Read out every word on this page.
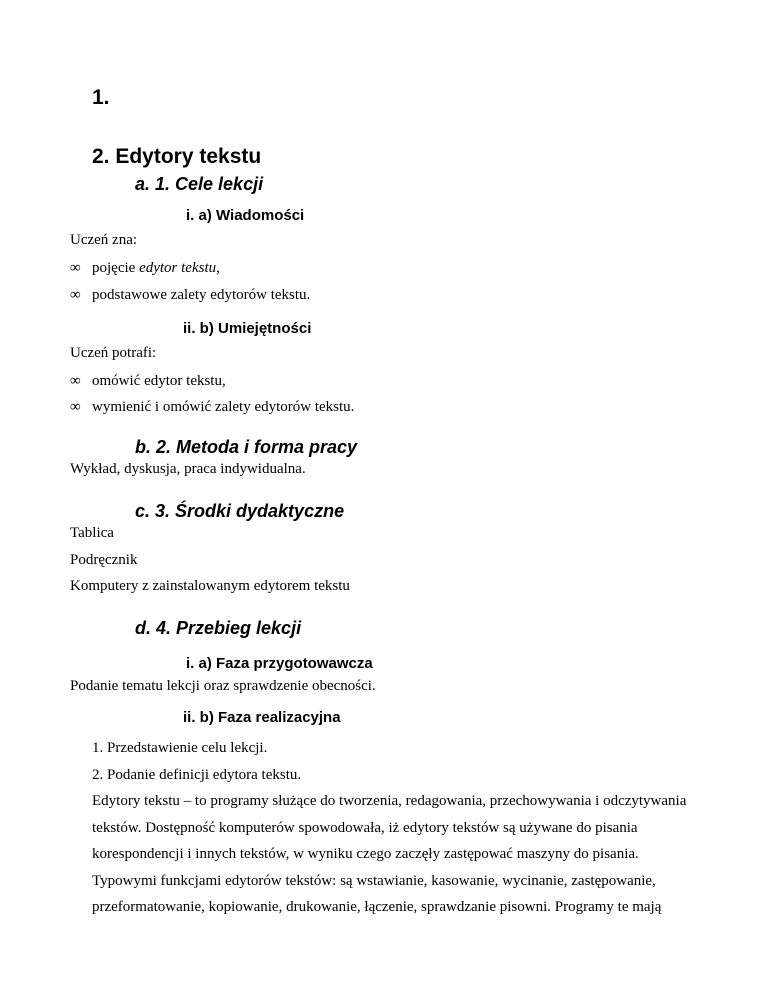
1.
2. Edytory tekstu
a. 1. Cele lekcji
i. a) Wiadomości
Uczeń zna:
∞ pojęcie edytor tekstu,
∞ podstawowe zalety edytorów tekstu.
ii. b) Umiejętności
Uczeń potrafi:
∞ omówić edytor tekstu,
∞ wymienić i omówić zalety edytorów tekstu.
b. 2. Metoda i forma pracy
Wykład, dyskusja, praca indywidualna.
c. 3. Środki dydaktyczne
Tablica
Podręcznik
Komputery z zainstalowanym edytorem tekstu
d. 4. Przebieg lekcji
i. a) Faza przygotowawcza
Podanie tematu lekcji oraz sprawdzenie obecności.
ii. b) Faza realizacyjna
1. Przedstawienie celu lekcji.
2. Podanie definicji edytora tekstu.
Edytory tekstu – to programy służące do tworzenia, redagowania, przechowywania i odczytywania
tekstów. Dostępność komputerów spowodowała, iż edytory tekstów są używane do pisania
korespondencji i innych tekstów, w wyniku czego zaczęły zastępować maszyny do pisania.
Typowymi funkcjami edytorów tekstów: są wstawianie, kasowanie, wycinanie, zastępowanie,
przeformatowanie, kopiowanie, drukowanie, łączenie, sprawdzanie pisowni. Programy te mają
